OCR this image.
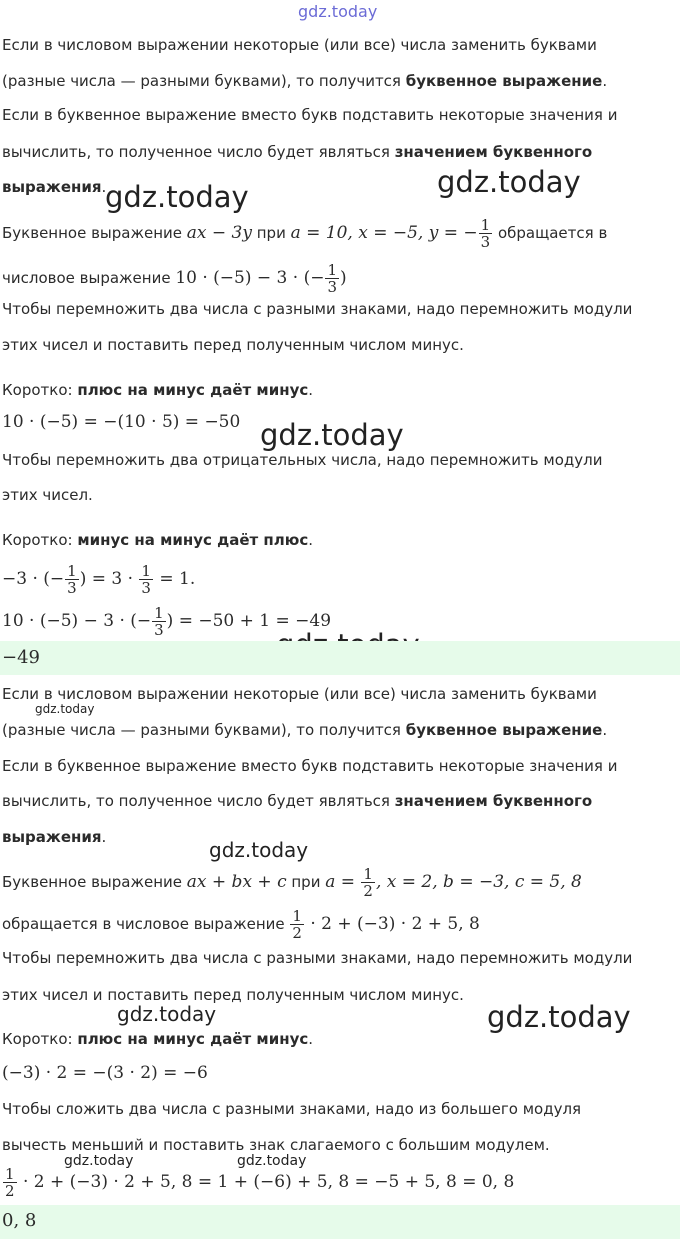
gdz.today
gdz.today	gdz.today
gdz.today
gdz.today
gdz.today
gdz.today	gdz.today
gdz.today	gdz.today
Если в числовом выражении некоторые (или все) числа заменить буквами
(разные числа — разными буквами), то получится буквенное выражение.
Если в буквенное выражение вместо букв подставить некоторые значения и
вычислить, то полученное число будет являться значением буквенного
выражения.
Буквенное выражение ax − 3y при a = 10, x = −5, y = − $\frac{1}{3}$ обращается в
числовое выражение 10 · (−5) − 3 · (− $\frac{1}{3}$ )
Чтобы перемножить два числа с разными знаками, надо перемножить модули
этих чисел и поставить перед полученным числом минус.
Коротко: плюс на минус даёт минус.
10 · (−5) = −(10 · 5) = −50
Чтобы перемножить два отрицательных числа, надо перемножить модули
этих чисел.
Коротко: минус на минус даёт плюс.
−3 · (− $\frac{1}{3}$ ) = $3 \cdot \frac{1}{3} = 1$.
10 · (−5) − 3 · (− $\frac{1}{3}$ ) = −50 + 1 = −49
−49
Если в числовом выражении некоторые (или все) числа заменить буквами
(разные числа — разными буквами), то получится буквенное выражение.
Если в буквенное выражение вместо букв подставить некоторые значения и
вычислить, то полученное число будет являться значением буквенного
выражения.
Буквенное выражение ax + bx + c при $a = \frac{1}{2}$ , x = 2, b = −3, c = 5, 8
обращается в числовое выражение $\frac{1}{2} \cdot 2 + (-3) \cdot 2 + 5$, 8
Чтобы перемножить два числа с разными знаками, надо перемножить модули
этих чисел и поставить перед полученным числом минус.
Коротко: плюс на минус даёт минус.
(−3) · 2 = −(3 · 2) = −6
Чтобы сложить два числа с разными знаками, надо из большего модуля
вычесть меньший и поставить знак слагаемого с большим модулем.
$\frac{1}{2} \cdot 2 + (-3) \cdot 2 + 5$, 8 = 1 + (−6) + 5, 8 = −5 + 5, 8 = 0, 8
0, 8
